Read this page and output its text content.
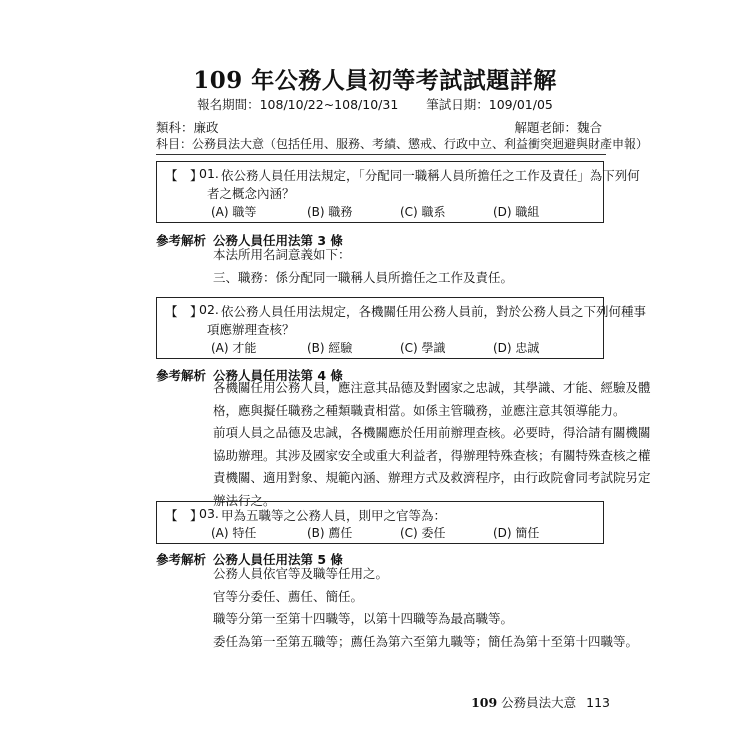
109 年公務人員初等考試試題詳解
報名期間：108/10/22~108/10/31 筆試日期：109/01/05
類科：廉政	解題老師：魏合
科目：公務員法大意（包括任用、服務、考績、懲戒、行政中立、利益衝突迴避與財產申報）
【　】
01. 依公務人員任用法規定，「分配同一職稱人員所擔任之工作及責任」為下列何
者之概念內涵？
(A) 職等	(B) 職務	(C) 職系	(D) 職組
參考解析 公務人員任用法第 3 條
本法所用名詞意義如下：
三、職務：係分配同一職稱人員所擔任之工作及責任。
【　】
02. 依公務人員任用法規定，各機關任用公務人員前，對於公務人員之下列何種事
項應辦理查核？
(A) 才能	(B) 經驗	(C) 學識	(D) 忠誠
參考解析 公務人員任用法第 4 條
各機關任用公務人員，應注意其品德及對國家之忠誠，其學識、才能、經驗及體
格，應與擬任職務之種類職責相當。如係主管職務，並應注意其領導能力。
前項人員之品德及忠誠，各機關應於任用前辦理查核。必要時，得洽請有關機關
協助辦理。其涉及國家安全或重大利益者，得辦理特殊查核；有關特殊查核之權
責機關、適用對象、規範內涵、辦理方式及救濟程序，由行政院會同考試院另定
辦法行之。
【　】
03. 甲為五職等之公務人員，則甲之官等為：
(A) 特任	(B) 薦任	(C) 委任	(D) 簡任
參考解析 公務人員任用法第 5 條
公務人員依官等及職等任用之。
官等分委任、薦任、簡任。
職等分第一至第十四職等，以第十四職等為最高職等。
委任為第一至第五職等；薦任為第六至第九職等；簡任為第十至第十四職等。
109 公務員法大意 113
